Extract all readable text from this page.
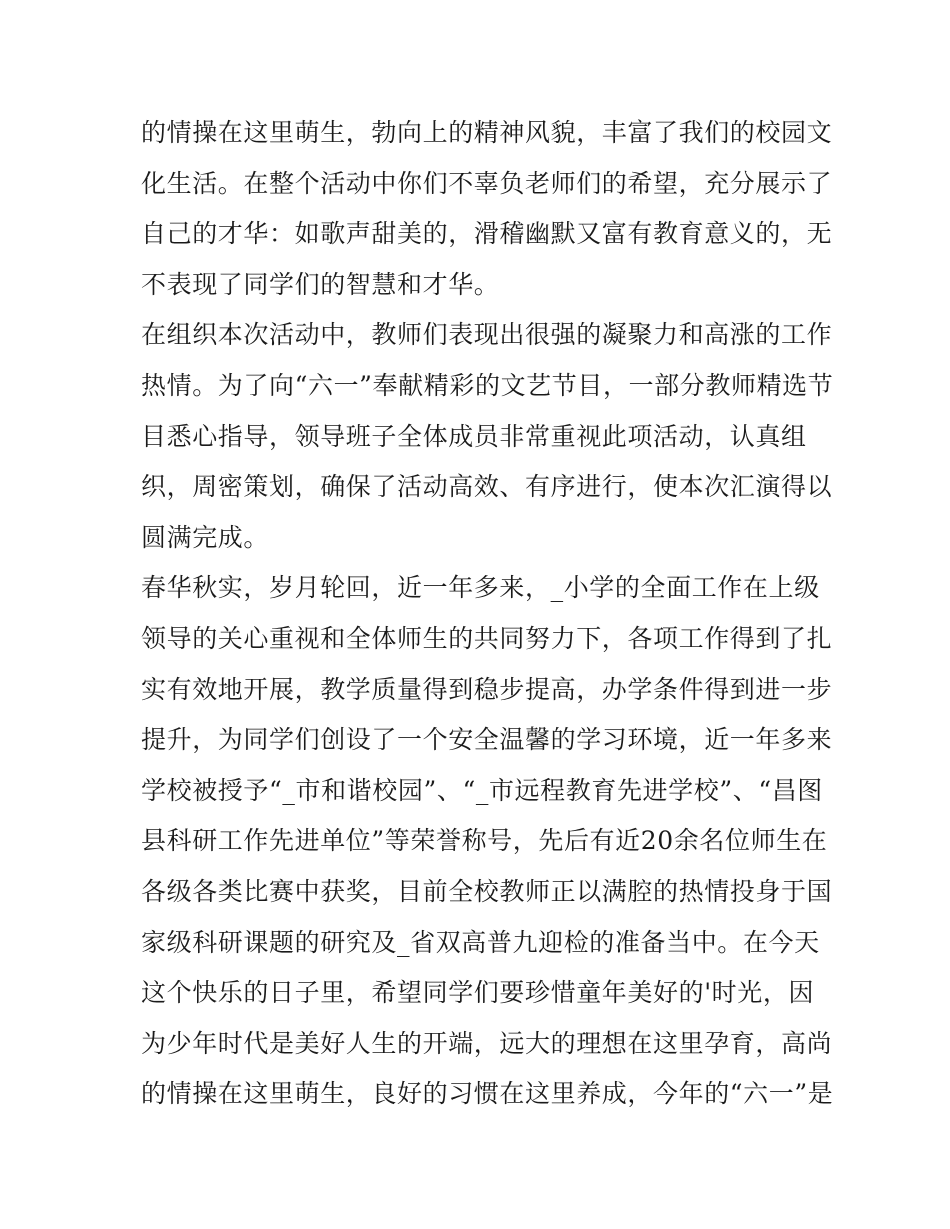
的情操在这里萌生，勃向上的精神风貌，丰富了我们的校园文
化生活。在整个活动中你们不辜负老师们的希望，充分展示了
自己的才华：如歌声甜美的，滑稽幽默又富有教育意义的，无
不表现了同学们的智慧和才华。
在组织本次活动中，教师们表现出很强的凝聚力和高涨的工作
热情。为了向“六一”奉献精彩的文艺节目，一部分教师精选节
目悉心指导，领导班子全体成员非常重视此项活动，认真组
织，周密策划，确保了活动高效、有序进行，使本次汇演得以
圆满完成。
春华秋实，岁月轮回，近一年多来，_小学的全面工作在上级
领导的关心重视和全体师生的共同努力下，各项工作得到了扎
实有效地开展，教学质量得到稳步提高，办学条件得到进一步
提升，为同学们创设了一个安全温馨的学习环境，近一年多来
学校被授予“_市和谐校园”、“_市远程教育先进学校”、“昌图
县科研工作先进单位”等荣誉称号，先后有近20余名位师生在
各级各类比赛中获奖，目前全校教师正以满腔的热情投身于国
家级科研课题的研究及_省双高普九迎检的准备当中。在今天
这个快乐的日子里，希望同学们要珍惜童年美好的'时光，因
为少年时代是美好人生的开端，远大的理想在这里孕育，高尚
的情操在这里萌生，良好的习惯在这里养成，今年的“六一”是
